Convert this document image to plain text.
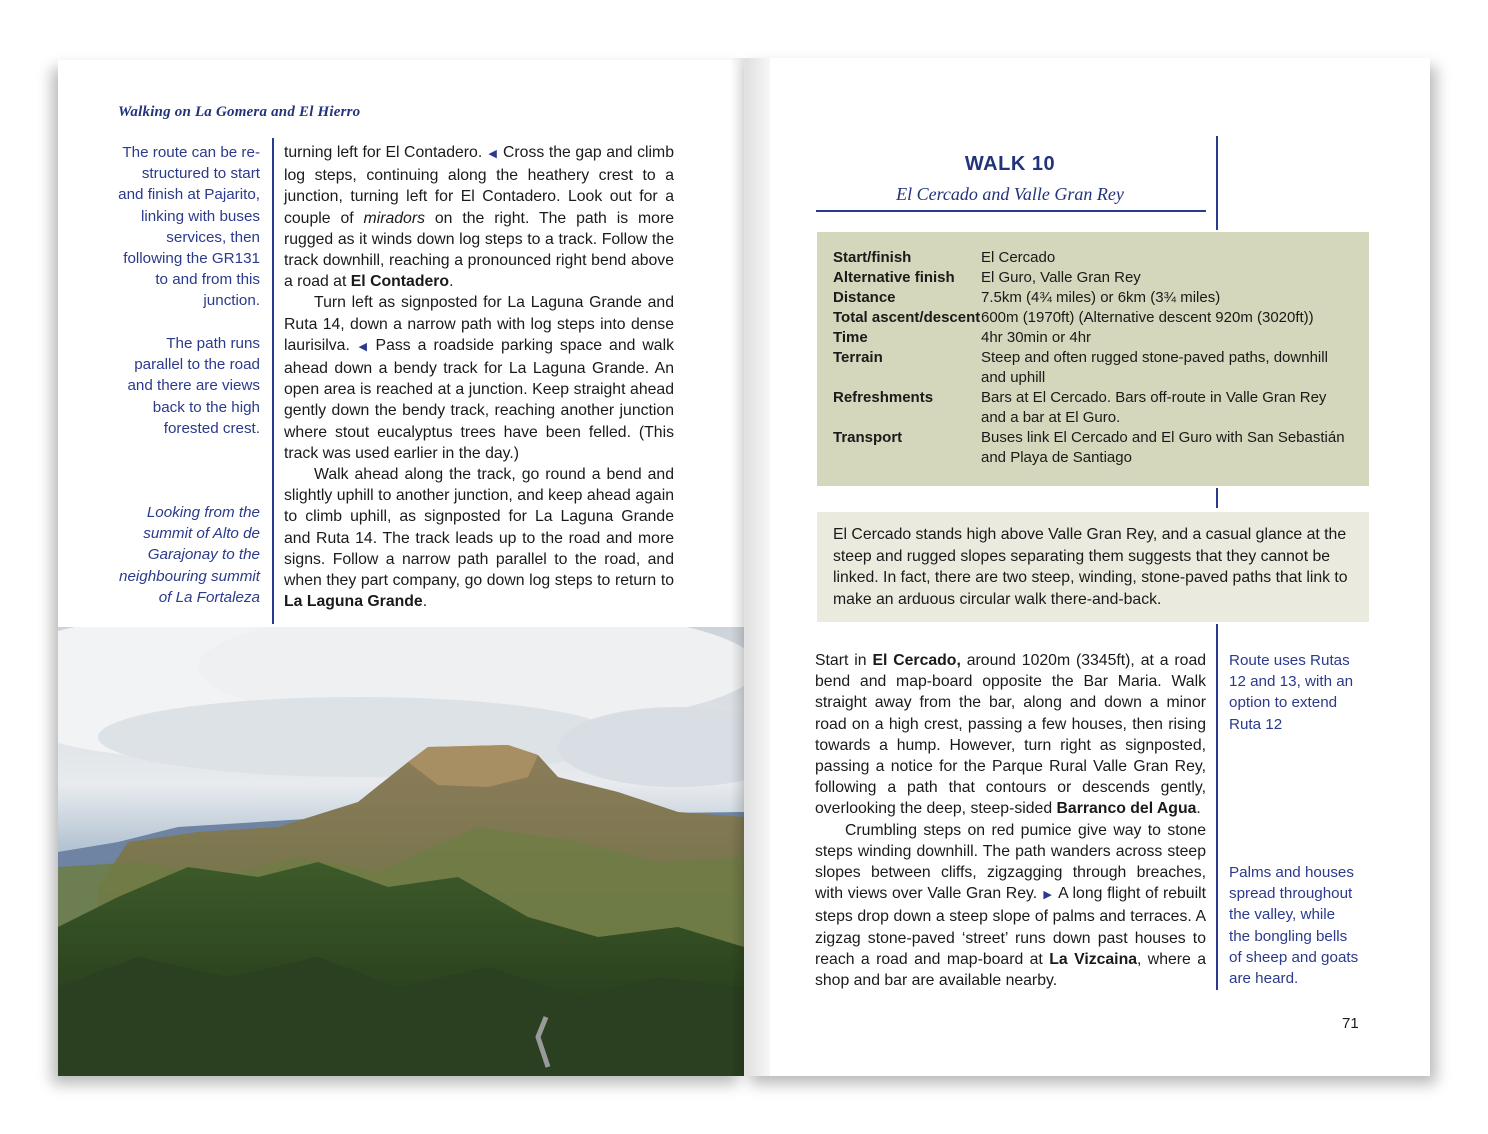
Walking on La Gomera and El Hierro
The route can be re-structured to start and finish at Pajarito, linking with buses services, then following the GR131 to and from this junction.
The path runs parallel to the road and there are views back to the high forested crest.
Looking from the summit of Alto de Garajonay to the neighbouring summit of La Fortaleza

turning left for El Contadero. ◀ Cross the gap and climb log steps, continuing along the heathery crest to a junction, turning left for El Contadero. Look out for a couple of miradors on the right. The path is more rugged as it winds down log steps to a track. Follow the track downhill, reaching a pronounced right bend above a road at El Contadero.

Turn left as signposted for La Laguna Grande and Ruta 14, down a narrow path with log steps into dense laurisilva. ◀ Pass a roadside parking space and walk ahead down a bendy track for La Laguna Grande. An open area is reached at a junction. Keep straight ahead gently down the bendy track, reaching another junction where stout eucalyptus trees have been felled. (This track was used earlier in the day.)

Walk ahead along the track, go round a bend and slightly uphill to another junction, and keep ahead again to climb uphill, as signposted for La Laguna Grande and Ruta 14. The track leads up to the road and more signs. Follow a narrow path parallel to the road, and when they part company, go down log steps to return to La Laguna Grande.

WALK 10
El Cercado and Valle Gran Rey
Start/finish	El Cercado
Alternative finish	El Guro, Valle Gran Rey
Distance	7.5km (4¾ miles) or 6km (3¾ miles)
Total ascent/descent 600m (1970ft) (Alternative descent 920m (3020ft))
Time	4hr 30min or 4hr
Terrain	Steep and often rugged stone-paved paths, downhill and uphill
Refreshments	Bars at El Cercado. Bars off-route in Valle Gran Rey and a bar at El Guro.
Transport	Buses link El Cercado and El Guro with San Sebastián and Playa de Santiago
El Cercado stands high above Valle Gran Rey, and a casual glance at the steep and rugged slopes separating them suggests that they cannot be linked. In fact, there are two steep, winding, stone-paved paths that link to make an arduous circular walk there-and-back.

Start in El Cercado, around 1020m (3345ft), at a road bend and map-board opposite the Bar Maria. Walk straight away from the bar, along and down a minor road on a high crest, passing a few houses, then rising towards a hump. However, turn right as signposted, passing a notice for the Parque Rural Valle Gran Rey, following a path that contours or descends gently, overlooking the deep, steep-sided Barranco del Agua.

Crumbling steps on red pumice give way to stone steps winding downhill. The path wanders across steep slopes between cliffs, zigzagging through breaches, with views over Valle Gran Rey. ▶ A long flight of rebuilt steps drop down a steep slope of palms and terraces. A zigzag stone-paved ‘street’ runs down past houses to reach a road and map-board at La Vizcaina, where a shop and bar are available nearby.

Route uses Rutas 12 and 13, with an option to extend Ruta 12
Palms and houses spread throughout the valley, while the bongling bells of sheep and goats are heard.
71
